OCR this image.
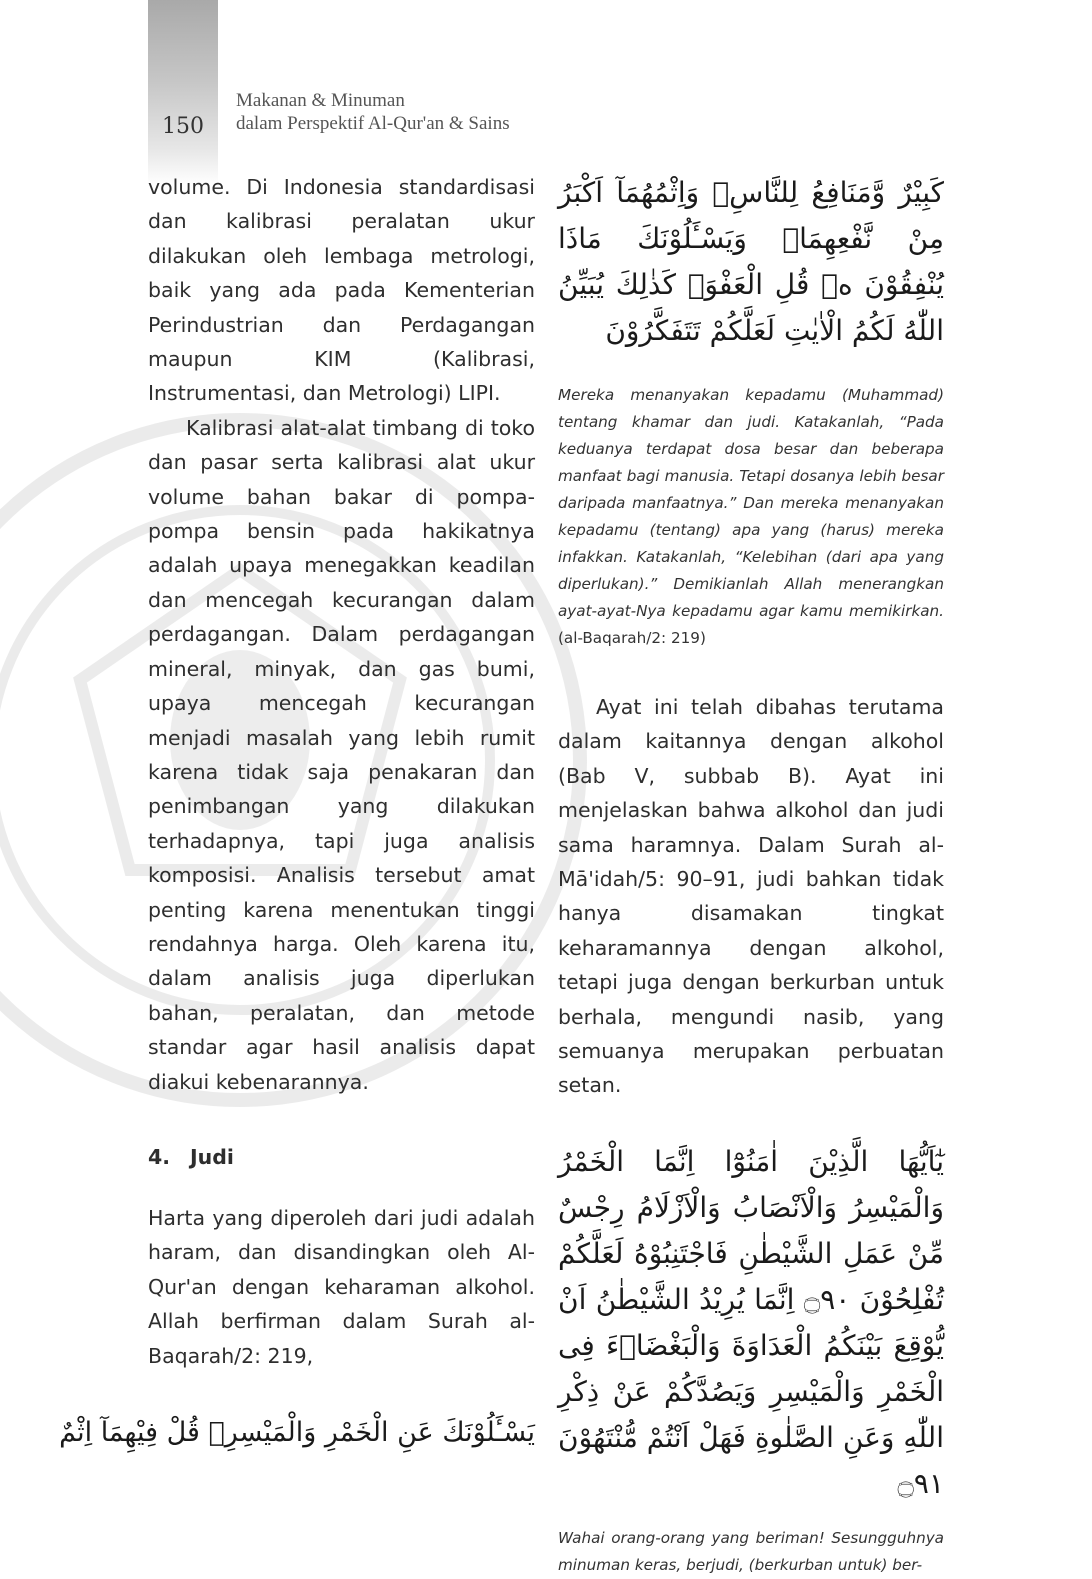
150
Makanan & Minuman
dalam Perspektif Al-Qur'an & Sains

volume. Di Indonesia standardisasi dan kalibrasi peralatan ukur dilakukan oleh lembaga metrologi, baik yang ada pada Kementerian Perindustrian dan Perdagangan maupun KIM (Kalibrasi, Instrumentasi, dan Metrologi) LIPI.

Kalibrasi alat-alat timbang di toko dan pasar serta kalibrasi alat ukur volume bahan bakar di pompa-pompa bensin pada hakikatnya adalah upaya menegakkan keadilan dan mencegah kecurangan dalam perdagangan. Dalam perdagangan mineral, minyak, dan gas bumi, upaya mencegah kecurangan menjadi masalah yang lebih rumit karena tidak saja penakaran dan penimbangan yang dilakukan terhadapnya, tapi juga analisis komposisi. Analisis tersebut amat penting karena menentukan tinggi rendahnya harga. Oleh karena itu, dalam analisis juga diperlukan bahan, peralatan, dan metode standar agar hasil analisis dapat diakui kebenarannya.

4. Judi

Harta yang diperoleh dari judi adalah haram, dan disandingkan oleh Al-Qur'an dengan keharaman alkohol. Allah berfirman dalam Surah al-Baqarah/2: 219,

يَسْـَٔلُوْنَكَ عَنِ الْخَمْرِ وَالْمَيْسِرِۗ قُلْ فِيْهِمَآ اِثْمٌ

كَبِيْرٌ وَّمَنَافِعُ لِلنَّاسِۖ وَاِثْمُهُمَآ اَكْبَرُ مِنْ نَّفْعِهِمَاۗ وَيَسْـَٔلُوْنَكَ مَاذَا يُنْفِقُوْنَ ەۗ قُلِ الْعَفْوَۗ كَذٰلِكَ يُبَيِّنُ اللّٰهُ لَكُمُ الْاٰيٰتِ لَعَلَّكُمْ تَتَفَكَّرُوْنَ

Mereka menanyakan kepadamu (Muhammad) tentang khamar dan judi. Katakanlah, “Pada keduanya terdapat dosa besar dan beberapa manfaat bagi manusia. Tetapi dosanya lebih besar daripada manfaatnya.” Dan mereka menanyakan kepadamu (tentang) apa yang (harus) mereka infakkan. Katakanlah, “Kelebihan (dari apa yang diperlukan).” Demikianlah Allah menerangkan ayat-ayat-Nya kepadamu agar kamu memikirkan. (al-Baqarah/2: 219)

Ayat ini telah dibahas terutama dalam kaitannya dengan alkohol (Bab V, subbab B). Ayat ini menjelaskan bahwa alkohol dan judi sama haramnya. Dalam Surah al-Mā'idah/5: 90–91, judi bahkan tidak hanya disamakan tingkat keharamannya dengan alkohol, tetapi juga dengan berkurban untuk berhala, mengundi nasib, yang semuanya merupakan perbuatan setan.

يٰٓاَيُّهَا الَّذِيْنَ اٰمَنُوْٓا اِنَّمَا الْخَمْرُ وَالْمَيْسِرُ وَالْاَنْصَابُ وَالْاَزْلَامُ رِجْسٌ مِّنْ عَمَلِ الشَّيْطٰنِ فَاجْتَنِبُوْهُ لَعَلَّكُمْ تُفْلِحُوْنَ ۝٩٠ اِنَّمَا يُرِيْدُ الشَّيْطٰنُ اَنْ يُّوْقِعَ بَيْنَكُمُ الْعَدَاوَةَ وَالْبَغْضَاۤءَ فِى الْخَمْرِ وَالْمَيْسِرِ وَيَصُدَّكُمْ عَنْ ذِكْرِ اللّٰهِ وَعَنِ الصَّلٰوةِ فَهَلْ اَنْتُمْ مُّنْتَهُوْنَ ۝٩١

Wahai orang-orang yang beriman! Sesungguhnya minuman keras, berjudi, (berkurban untuk) ber-
